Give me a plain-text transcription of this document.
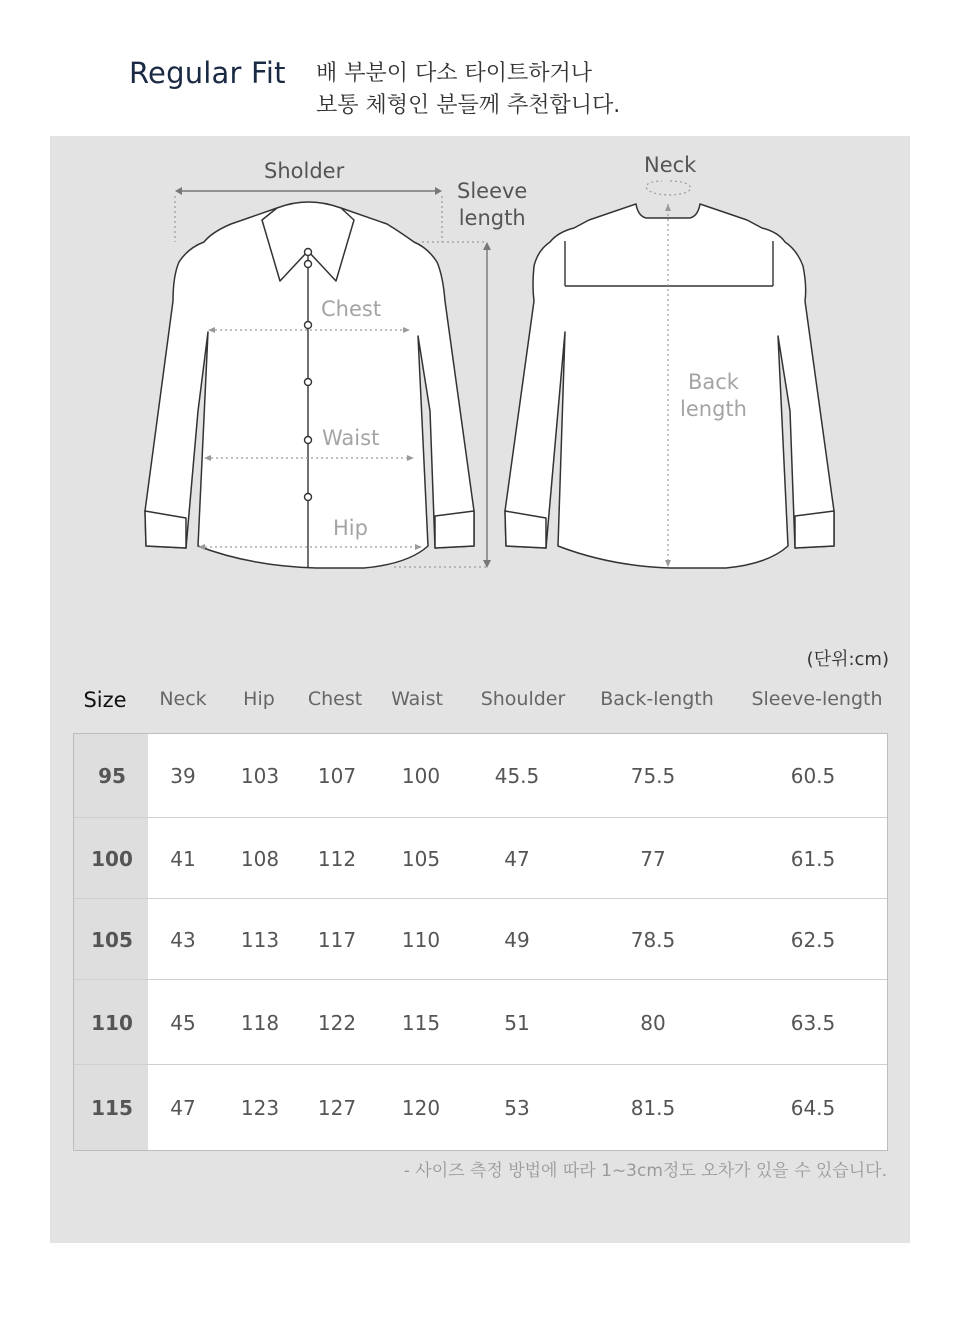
Regular Fit 배 부분이 다소 타이트하거나
보통 체형인 분들께 추천합니다.
Sholder
Sleeve
length
Chest
Waist
Hip
Neck
Back
length
(단위:cm)
Size Neck Hip Chest Waist Shoulder Back-length Sleeve-length
95 39 103 107 100	45.5	75.5	60.5
100 41 108 112 105	47	77	61.5
105 43 113 117 110	49	78.5	62.5
110 45 118 122 115	51	80	63.5
115 47 123 127 120	53	81.5	64.5
- 사이즈 측정 방법에 따라 1~3cm정도 오차가 있을 수 있습니다.
